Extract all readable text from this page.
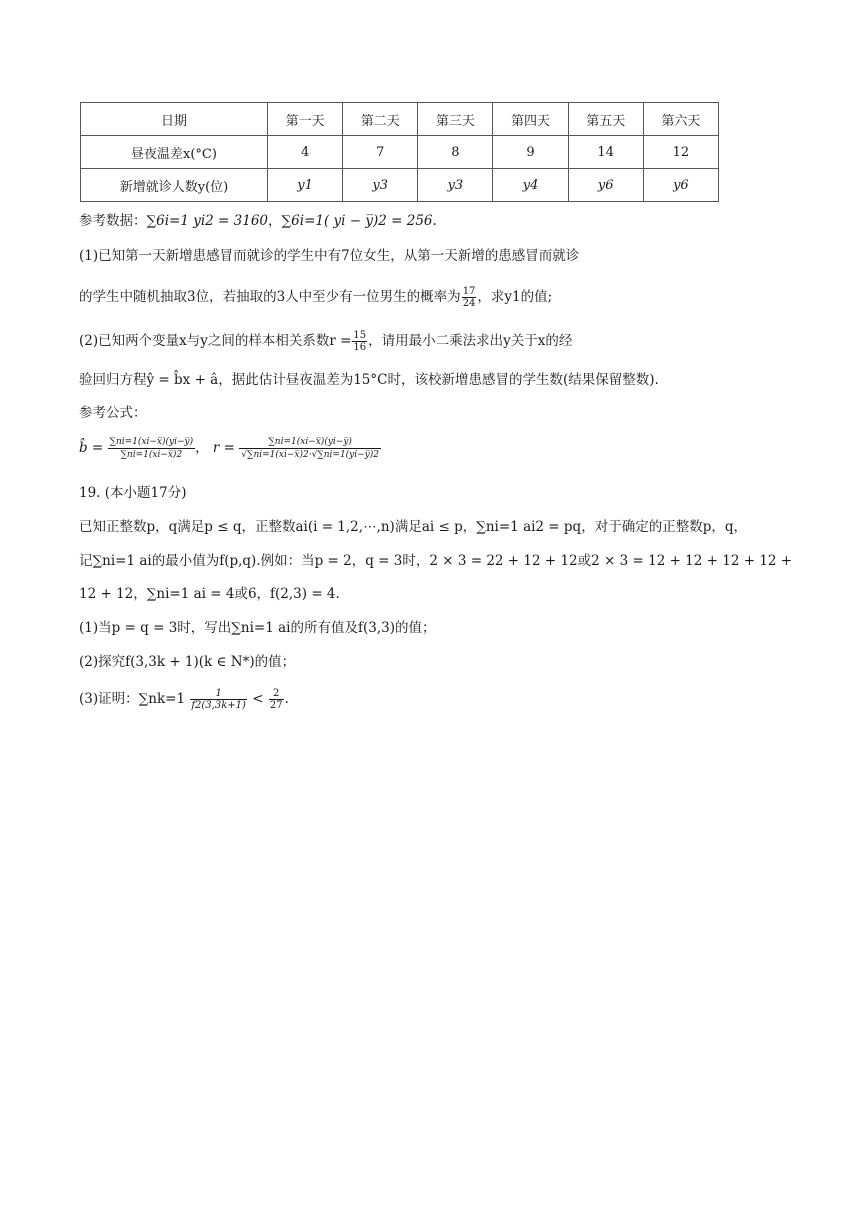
日期	第一天	第二天	第三天	第四天	第五天	第六天
昼夜温差x(°C)	4	7	8	9	14	12
新增就诊人数y(位)	y1	y3	y3	y4	y6	y6
参考数据：∑6i=1 yi2 = 3160，∑6i=1( yi − y̅)2 = 256.
(1)已知第一天新增患感冒而就诊的学生中有7位女生，从第一天新增的患感冒而就诊
的学生中随机抽取3位，若抽取的3人中至少有一位男生的概率为 $\frac{17}{24}$ ，求y1的值;
(2)已知两个变量x与y之间的样本相关系数$r = \frac{15}{16}$ ，请用最小二乘法求出y关于x的经
验回归方程ŷ = b̂x + â，据此估计昼夜温差为15°C时，该校新增患感冒的学生数(结果保留整数).
参考公式：
b̂ = $\frac{\sum ni=1(xi-x̅)(yi-y̅)}{\sum ni=1(xi-x̅)2}$ ， $r = \frac{\sum ni=1(xi-x̅)(yi-y̅)}{√\sum ni=1(xi-x̅)2\cdot√\sum ni=1(yi-y̅)2}$
19. (本小题17分)
已知正整数p，q满足p ≤ q，正整数ai(i = 1,2,⋯,n)满足ai ≤ p，∑ni=1 ai2 = pq，对于确定的正整数p，q，
记∑ni=1 ai的最小值为f(p,q).例如：当p = 2，q = 3时，2 × 3 = 22 + 12 + 12或2 × 3 = 12 + 12 + 12 + 12 +
12 + 12，∑ni=1 ai = 4或6，f(2,3) = 4.
(1)当p = q = 3时，写出∑ni=1 ai的所有值及f(3,3)的值；
(2)探究f(3,3k + 1)(k ∈ N*)的值；
(3)证明：$\sum nk=1 \frac{1}{f2(3,3k+1)} < \frac{2}{27}$ .
